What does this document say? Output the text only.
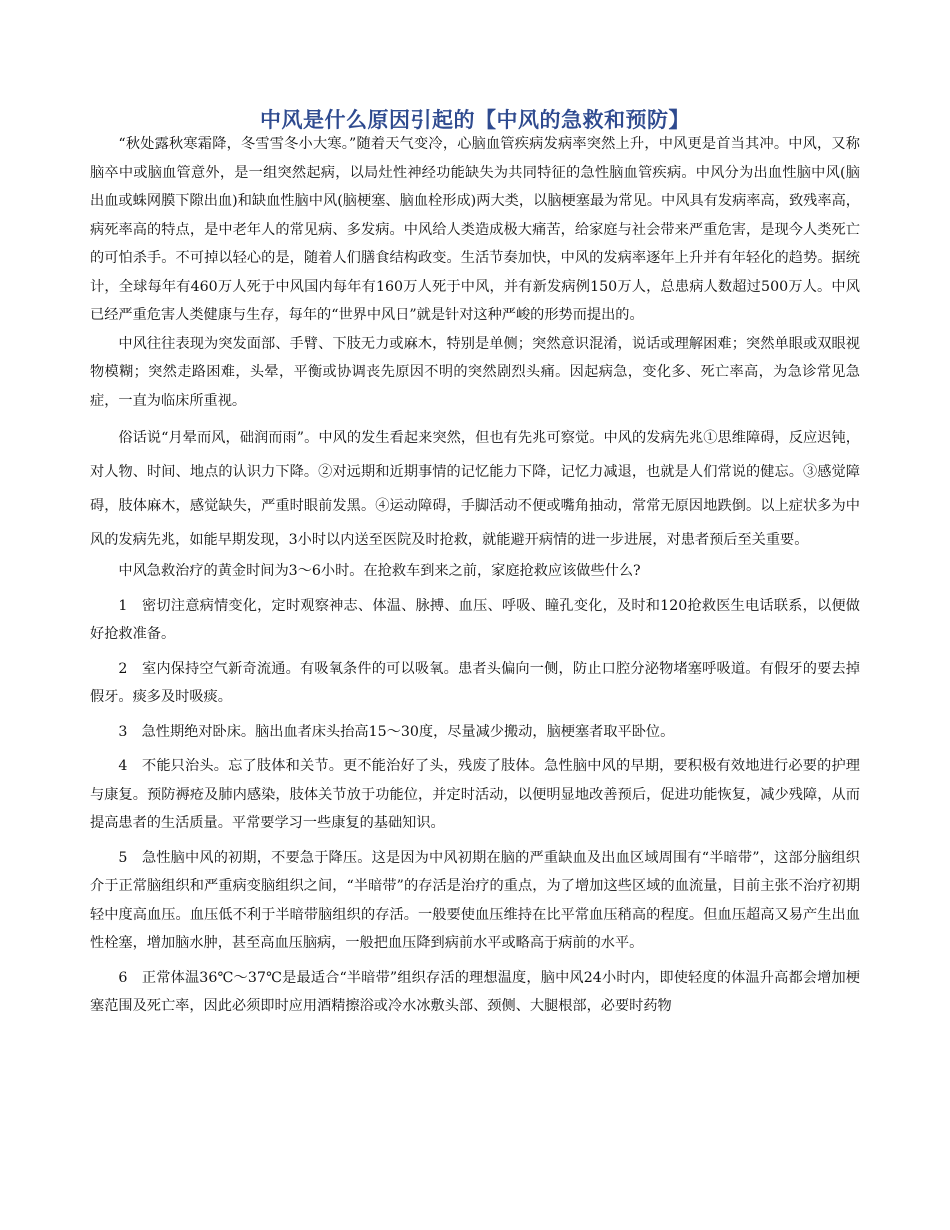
中风是什么原因引起的【中风的急救和预防】

“秋处露秋寒霜降，冬雪雪冬小大寒。”随着天气变冷，心脑血管疾病发病率突然上升，中风更是首当其冲。中风，又称脑卒中或脑血管意外，是一组突然起病，以局灶性神经功能缺失为共同特征的急性脑血管疾病。中风分为出血性脑中风(脑出血或蛛网膜下隙出血)和缺血性脑中风(脑梗塞、脑血栓形成)两大类，以脑梗塞最为常见。中风具有发病率高，致残率高，病死率高的特点，是中老年人的常见病、多发病。中风给人类造成极大痛苦，给家庭与社会带来严重危害，是现今人类死亡的可怕杀手。不可掉以轻心的是，随着人们膳食结构政变。生活节奏加快，中风的发病率逐年上升并有年轻化的趋势。据统计，全球每年有460万人死于中风国内每年有160万人死于中风，并有新发病例150万人，总患病人数超过500万人。中风已经严重危害人类健康与生存，每年的“世界中风日”就是针对这种严峻的形势而提出的。

中风往往表现为突发面部、手臂、下肢无力或麻木，特别是单侧；突然意识混淆，说话或理解困难；突然单眼或双眼视物模糊；突然走路困难，头晕，平衡或协调丧先原因不明的突然剧烈头痛。因起病急，变化多、死亡率高，为急诊常见急症，一直为临床所重视。

俗话说“月晕而风，础润而雨”。中风的发生看起来突然，但也有先兆可察觉。中风的发病先兆①思维障碍，反应迟钝，对人物、时间、地点的认识力下降。②对远期和近期事情的记忆能力下降，记忆力减退，也就是人们常说的健忘。③感觉障碍，肢体麻木，感觉缺失，严重时眼前发黑。④运动障碍，手脚活动不便或嘴角抽动，常常无原因地跌倒。以上症状多为中风的发病先兆，如能早期发现，3小时以内送至医院及时抢救，就能避开病情的进一步进展，对患者预后至关重要。

中风急救治疗的黄金时间为3～6小时。在抢救车到来之前，家庭抢救应该做些什么?

1　密切注意病情变化，定时观察神志、体温、脉搏、血压、呼吸、瞳孔变化，及时和120抢救医生电话联系，以便做好抢救准备。

2　室内保持空气新奇流通。有吸氧条件的可以吸氧。患者头偏向一侧，防止口腔分泌物堵塞呼吸道。有假牙的要去掉假牙。痰多及时吸痰。

3　急性期绝对卧床。脑出血者床头抬高15～30度，尽量减少搬动，脑梗塞者取平卧位。

4　不能只治头。忘了肢体和关节。更不能治好了头，残废了肢体。急性脑中风的早期，要积极有效地进行必要的护理与康复。预防褥疮及肺内感染，肢体关节放于功能位，并定时活动，以便明显地改善预后，促进功能恢复，减少残障，从而提高患者的生活质量。平常要学习一些康复的基础知识。

5　急性脑中风的初期，不要急于降压。这是因为中风初期在脑的严重缺血及出血区域周围有“半暗带”，这部分脑组织介于正常脑组织和严重病变脑组织之间，“半暗带”的存活是治疗的重点，为了增加这些区域的血流量，目前主张不治疗初期轻中度高血压。血压低不利于半暗带脑组织的存活。一般要使血压维持在比平常血压稍高的程度。但血压超高又易产生出血性栓塞，增加脑水肿，甚至高血压脑病，一般把血压降到病前水平或略高于病前的水平。

6　正常体温36℃～37℃是最适合“半暗带”组织存活的理想温度，脑中风24小时内，即使轻度的体温升高都会增加梗塞范围及死亡率，因此必须即时应用酒精擦浴或冷水冰敷头部、颈侧、大腿根部，必要时药物
